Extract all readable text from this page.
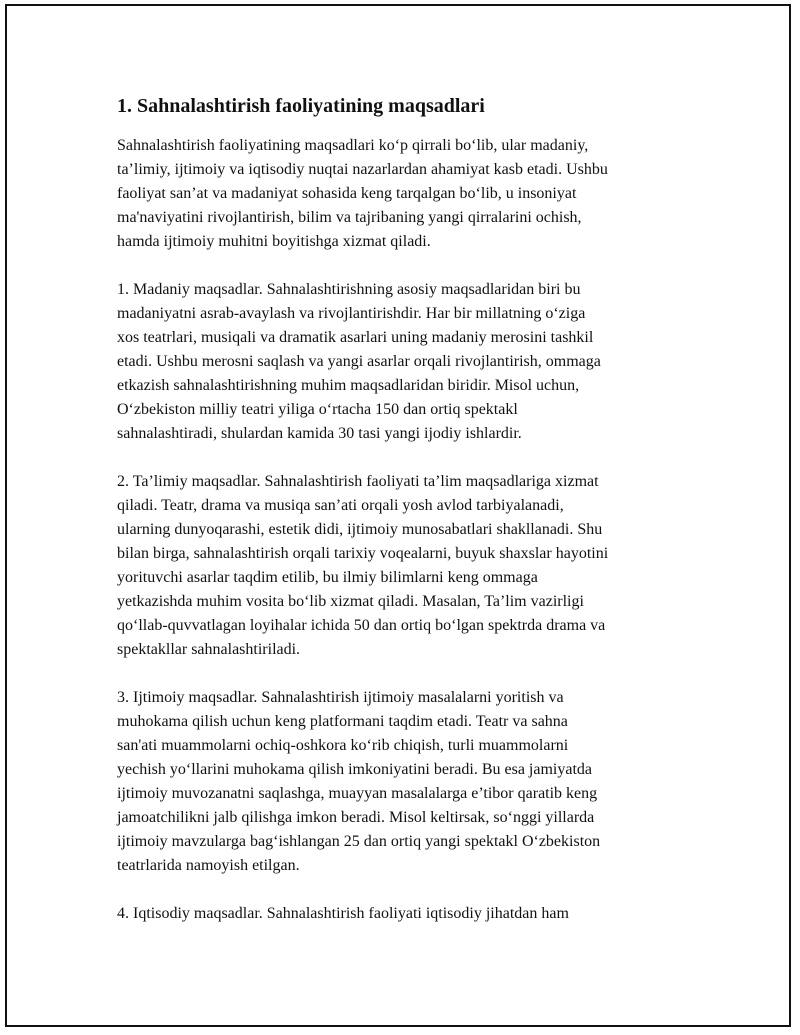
1. Sahnalashtirish faoliyatining maqsadlari

Sahnalashtirish faoliyatining maqsadlari ko‘p qirrali bo‘lib, ular madaniy,
ta’limiy, ijtimoiy va iqtisodiy nuqtai nazarlardan ahamiyat kasb etadi. Ushbu
faoliyat san’at va madaniyat sohasida keng tarqalgan bo‘lib, u insoniyat
ma'naviyatini rivojlantirish, bilim va tajribaning yangi qirralarini ochish,
hamda ijtimoiy muhitni boyitishga xizmat qiladi.

1. Madaniy maqsadlar. Sahnalashtirishning asosiy maqsadlaridan biri bu
madaniyatni asrab-avaylash va rivojlantirishdir. Har bir millatning o‘ziga
xos teatrlari, musiqali va dramatik asarlari uning madaniy merosini tashkil
etadi. Ushbu merosni saqlash va yangi asarlar orqali rivojlantirish, ommaga
etkazish sahnalashtirishning muhim maqsadlaridan biridir. Misol uchun,
O‘zbekiston milliy teatri yiliga o‘rtacha 150 dan ortiq spektakl
sahnalashtiradi, shulardan kamida 30 tasi yangi ijodiy ishlardir.

2. Ta’limiy maqsadlar. Sahnalashtirish faoliyati ta’lim maqsadlariga xizmat
qiladi. Teatr, drama va musiqa san’ati orqali yosh avlod tarbiyalanadi,
ularning dunyoqarashi, estetik didi, ijtimoiy munosabatlari shakllanadi. Shu
bilan birga, sahnalashtirish orqali tarixiy voqealarni, buyuk shaxslar hayotini
yorituvchi asarlar taqdim etilib, bu ilmiy bilimlarni keng ommaga
yetkazishda muhim vosita bo‘lib xizmat qiladi. Masalan, Ta’lim vazirligi
qo‘llab-quvvatlagan loyihalar ichida 50 dan ortiq bo‘lgan spektrda drama va
spektakllar sahnalashtiriladi.

3. Ijtimoiy maqsadlar. Sahnalashtirish ijtimoiy masalalarni yoritish va
muhokama qilish uchun keng platformani taqdim etadi. Teatr va sahna
san'ati muammolarni ochiq-oshkora ko‘rib chiqish, turli muammolarni
yechish yo‘llarini muhokama qilish imkoniyatini beradi. Bu esa jamiyatda
ijtimoiy muvozanatni saqlashga, muayyan masalalarga e’tibor qaratib keng
jamoatchilikni jalb qilishga imkon beradi. Misol keltirsak, so‘nggi yillarda
ijtimoiy mavzularga bag‘ishlangan 25 dan ortiq yangi spektakl O‘zbekiston
teatrlarida namoyish etilgan.

4. Iqtisodiy maqsadlar. Sahnalashtirish faoliyati iqtisodiy jihatdan ham
